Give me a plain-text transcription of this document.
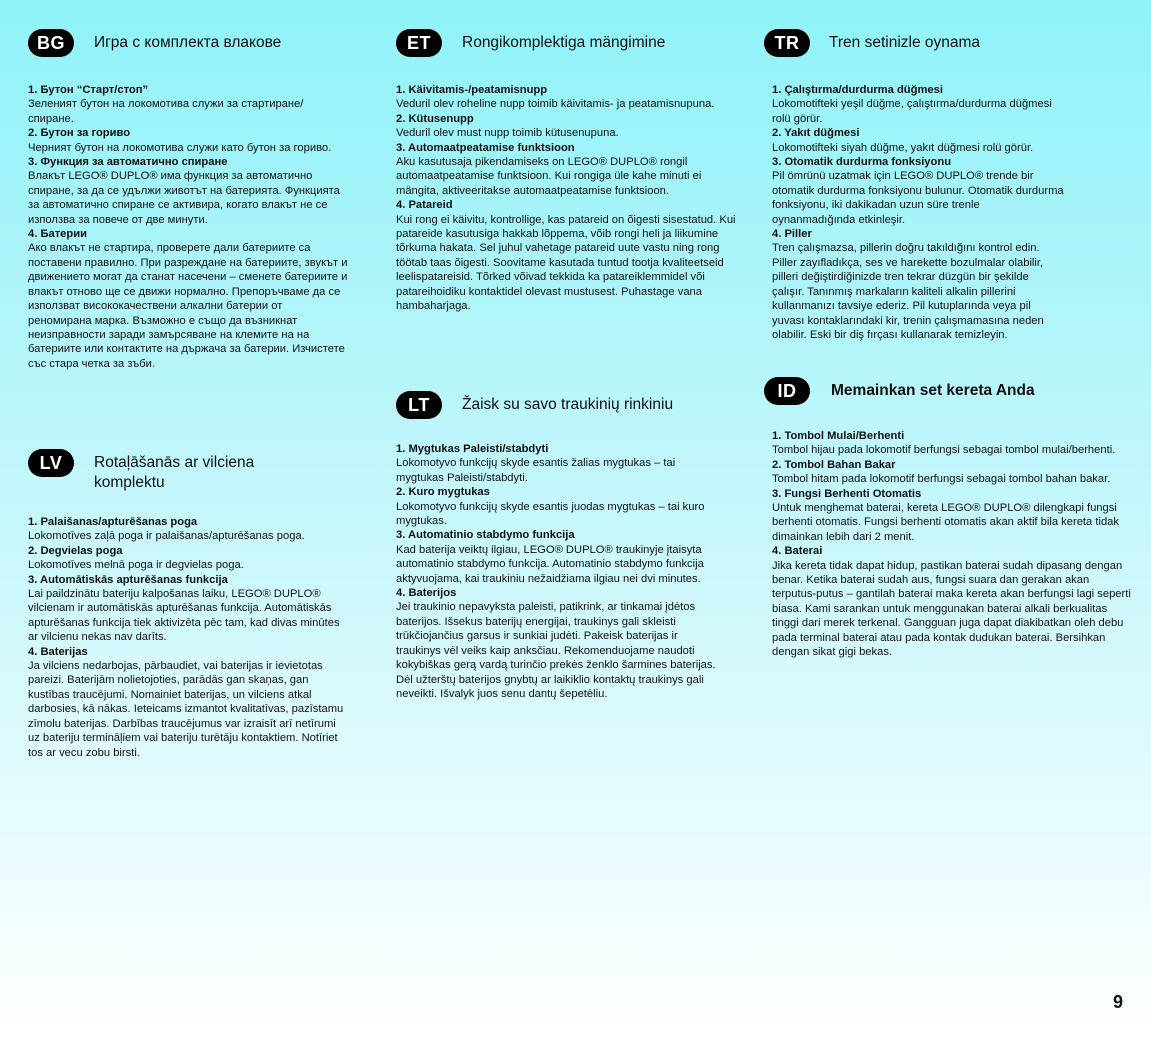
BG	Игра с комплекта влакове
1. Бутон “Старт/стоп”

Зеленият бутон на локомотива служи за стартиране/спиране.

2. Бутон за гориво

Черният бутон на локомотива служи като бутон за гориво.

3. Функция за автоматично спиране

Влакът LEGO® DUPLO® има функция за автоматично спиране, за да се удължи животът на батерията. Функцията за автоматично спиране се активира, когато влакът не се използва за повече от две минути.

4. Батерии

Ако влакът не стартира, проверете дали батериите са поставени правилно. При разреждане на батериите, звукът и движението могат да станат насечени – сменете батериите и влакът отново ще се движи нормално. Препоръчваме да се използват висококачествени алкални батерии от реномирана марка. Възможно е също да възникнат неизправности заради замърсяване на клемите на на батериите или контактите на държача за батерии. Изчистете със стара четка за зъби.

LV	Rotaļāšanās ar vilciena komplektu
1. Palaišanas/apturēšanas poga

Lokomotīves zaļā poga ir palaišanas/apturēšanas poga.

2. Degvielas poga

Lokomotīves melnā poga ir degvielas poga.

3. Automātiskās apturēšanas funkcija

Lai paildzinātu bateriju kalpošanas laiku, LEGO® DUPLO® vilcienam ir automātiskās apturēšanas funkcija. Automātiskās apturēšanas funkcija tiek aktivizēta pēc tam, kad divas minūtes ar vilcienu nekas nav darīts.

4. Baterijas

Ja vilciens nedarbojas, pārbaudiet, vai baterijas ir ievietotas pareizi. Baterijām nolietojoties, parādās gan skaņas, gan kustības traucējumi. Nomainiet baterijas, un vilciens atkal darbosies, kā nākas. Ieteicams izmantot kvalitatīvas, pazīstamu zīmolu baterijas. Darbības traucējumus var izraisīt arī netīrumi uz bateriju termināļiem vai bateriju turētāju kontaktiem. Notīriet tos ar vecu zobu birsti.

ET	Rongikomplektiga mängimine
1. Käivitamis-/peatamisnupp

Veduril olev roheline nupp toimib käivitamis- ja peatamisnupuna.

2. Kütusenupp

Veduril olev must nupp toimib kütusenupuna.

3. Automaatpeatamise funktsioon

Aku kasutusaja pikendamiseks on LEGO® DUPLO® rongil automaatpeatamise funktsioon. Kui rongiga üle kahe minuti ei mängita, aktiveeritakse automaatpeatamise funktsioon.

4. Patareid

Kui rong ei käivitu, kontrollige, kas patareid on õigesti sisestatud. Kui patareide kasutusiga hakkab lõppema, võib rongi heli ja liikumine tõrkuma hakata. Sel juhul vahetage patareid uute vastu ning rong töötab taas õigesti. Soovitame kasutada tuntud tootja kvaliteetseid leelispatareisid. Tõrked võivad tekkida ka patareiklemmidel või patareihoidiku kontaktidel olevast mustusest. Puhastage vana hambaharjaga.

LT	Žaisk su savo traukinių rinkiniu
1. Mygtukas Paleisti/stabdyti

Lokomotyvo funkcijų skyde esantis žalias mygtukas – tai mygtukas Paleisti/stabdyti.

2. Kuro mygtukas

Lokomotyvo funkcijų skyde esantis juodas mygtukas – tai kuro mygtukas.

3. Automatinio stabdymo funkcija

Kad baterija veiktų ilgiau, LEGO® DUPLO® traukinyje įtaisyta automatinio stabdymo funkcija. Automatinio stabdymo funkcija aktyvuojama, kai traukiniu nežaidžiama ilgiau nei dvi minutes.

4. Baterijos

Jei traukinio nepavyksta paleisti, patikrink, ar tinkamai įdėtos baterijos. Išsekus baterijų energijai, traukinys gali skleisti trūkčiojančius garsus ir sunkiai judėti. Pakeisk baterijas ir traukinys vėl veiks kaip anksčiau. Rekomenduojame naudoti kokybiškas gerą vardą turinčio prekės ženklo šarmines baterijas. Dėl užterštų baterijos gnybtų ar laikiklio kontaktų traukinys gali neveikti. Išvalyk juos senu dantų šepetėliu.

TR	Tren setinizle oynama
1. Çalıştırma/durdurma düğmesi

Lokomotifteki yeşil düğme, çalıştırma/durdurma düğmesi rolü görür.

2. Yakıt düğmesi

Lokomotifteki siyah düğme, yakıt düğmesi rolü görür.

3. Otomatik durdurma fonksiyonu

Pil ömrünü uzatmak için LEGO® DUPLO® trende bir otomatik durdurma fonksiyonu bulunur. Otomatik durdurma fonksiyonu, iki dakikadan uzun süre trenle oynanmadığında etkinleşir.

4. Piller

Tren çalışmazsa, pillerin doğru takıldığını kontrol edin. Piller zayıfladıkça, ses ve harekette bozulmalar olabilir, pilleri değiştirdiğinizde tren tekrar düzgün bir şekilde çalışır. Tanınmış markaların kaliteli alkalin pillerini kullanmanızı tavsiye ederiz. Pil kutuplarında veya pil yuvası kontaklarındaki kir, trenin çalışmamasına neden olabilir. Eski bir diş fırçası kullanarak temizleyin.

ID	Memainkan set kereta Anda
1. Tombol Mulai/Berhenti

Tombol hijau pada lokomotif berfungsi sebagai tombol mulai/berhenti.

2. Tombol Bahan Bakar

Tombol hitam pada lokomotif berfungsi sebagai tombol bahan bakar.

3. Fungsi Berhenti Otomatis

Untuk menghemat baterai, kereta LEGO® DUPLO® dilengkapi fungsi berhenti otomatis. Fungsi berhenti otomatis akan aktif bila kereta tidak dimainkan lebih dari 2 menit.

4. Baterai

Jika kereta tidak dapat hidup, pastikan baterai sudah dipasang dengan benar. Ketika baterai sudah aus, fungsi suara dan gerakan akan terputus-putus – gantilah baterai maka kereta akan berfungsi lagi seperti biasa. Kami sarankan untuk menggunakan baterai alkali berkualitas tinggi dari merek terkenal. Gangguan juga dapat diakibatkan oleh debu pada terminal baterai atau pada kontak dudukan baterai. Bersihkan dengan sikat gigi bekas.

9
